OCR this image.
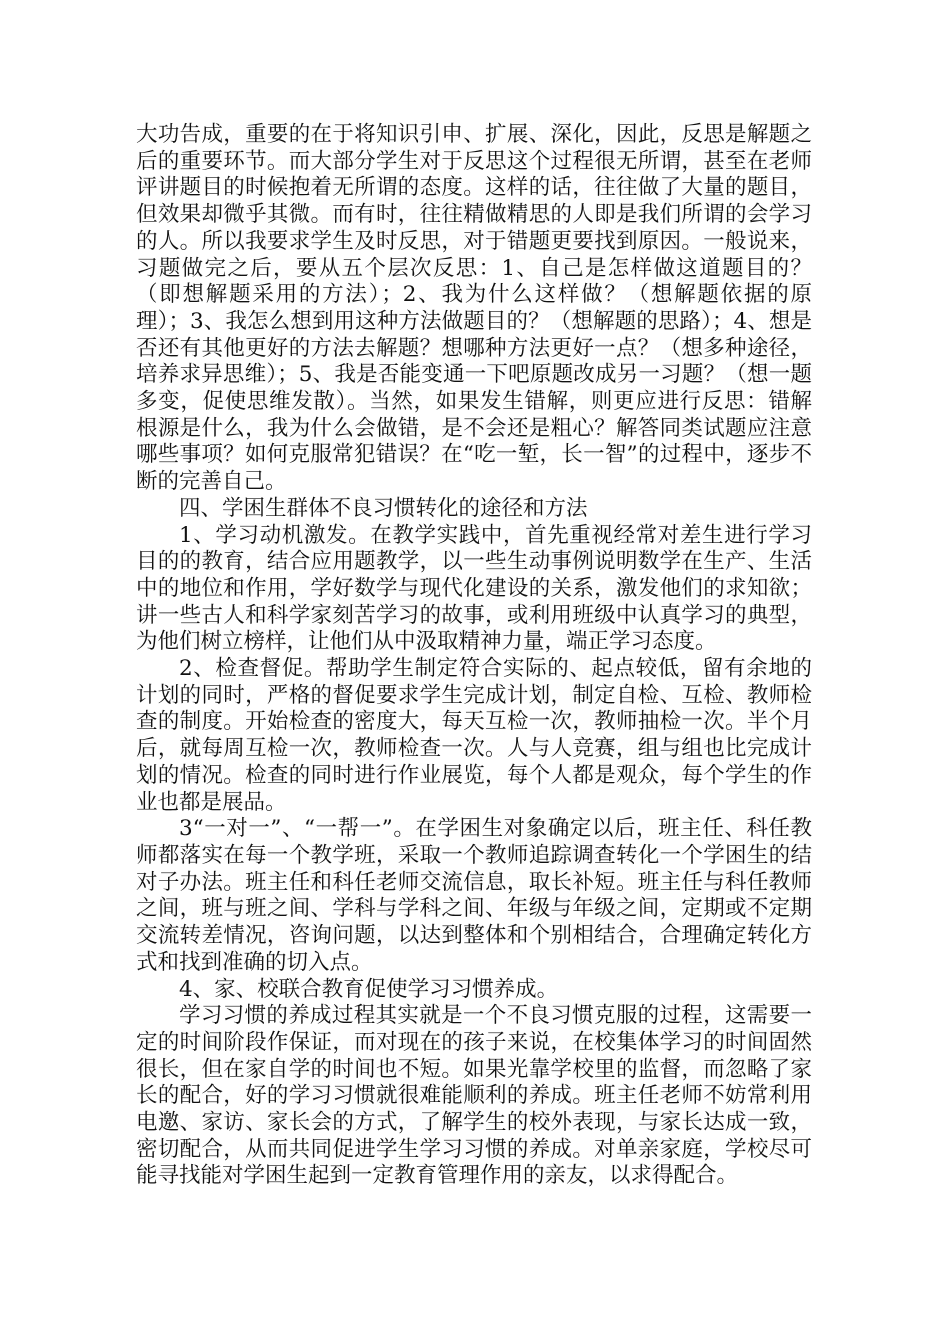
大功告成，重要的在于将知识引申、扩展、深化，因此，反思是解题之后的重要环节。而大部分学生对于反思这个过程很无所谓，甚至在老师评讲题目的时候抱着无所谓的态度。这样的话，往往做了大量的题目，但效果却微乎其微。而有时，往往精做精思的人即是我们所谓的会学习的人。所以我要求学生及时反思，对于错题更要找到原因。一般说来，习题做完之后，要从五个层次反思：1、自己是怎样做这道题目的？（即想解题采用的方法）；2、我为什么这样做？（想解题依据的原理）；3、我怎么想到用这种方法做题目的？（想解题的思路）；4、想是否还有其他更好的方法去解题？想哪种方法更好一点？（想多种途径，培养求异思维）；5、我是否能变通一下吧原题改成另一习题？（想一题多变，促使思维发散）。当然，如果发生错解，则更应进行反思：错解根源是什么，我为什么会做错，是不会还是粗心？解答同类试题应注意哪些事项？如何克服常犯错误？在“吃一堑，长一智”的过程中，逐步不断的完善自己。

四、学困生群体不良习惯转化的途径和方法

1、学习动机激发。在教学实践中，首先重视经常对差生进行学习目的的教育，结合应用题教学，以一些生动事例说明数学在生产、生活中的地位和作用，学好数学与现代化建设的关系，激发他们的求知欲；讲一些古人和科学家刻苦学习的故事，或利用班级中认真学习的典型，为他们树立榜样，让他们从中汲取精神力量，端正学习态度。

2、检查督促。帮助学生制定符合实际的、起点较低，留有余地的计划的同时，严格的督促要求学生完成计划，制定自检、互检、教师检查的制度。开始检查的密度大，每天互检一次，教师抽检一次。半个月后，就每周互检一次，教师检查一次。人与人竞赛，组与组也比完成计划的情况。检查的同时进行作业展览，每个人都是观众，每个学生的作业也都是展品。

3“一对一”、“一帮一”。在学困生对象确定以后，班主任、科任教师都落实在每一个教学班，采取一个教师追踪调查转化一个学困生的结对子办法。班主任和科任老师交流信息，取长补短。班主任与科任教师之间，班与班之间、学科与学科之间、年级与年级之间，定期或不定期交流转差情况，咨询问题，以达到整体和个别相结合，合理确定转化方式和找到准确的切入点。

4、家、校联合教育促使学习习惯养成。

学习习惯的养成过程其实就是一个不良习惯克服的过程，这需要一定的时间阶段作保证，而对现在的孩子来说，在校集体学习的时间固然很长，但在家自学的时间也不短。如果光靠学校里的监督，而忽略了家长的配合，好的学习习惯就很难能顺利的养成。班主任老师不妨常利用电邀、家访、家长会的方式，了解学生的校外表现，与家长达成一致，密切配合，从而共同促进学生学习习惯的养成。对单亲家庭，学校尽可能寻找能对学困生起到一定教育管理作用的亲友，以求得配合。
